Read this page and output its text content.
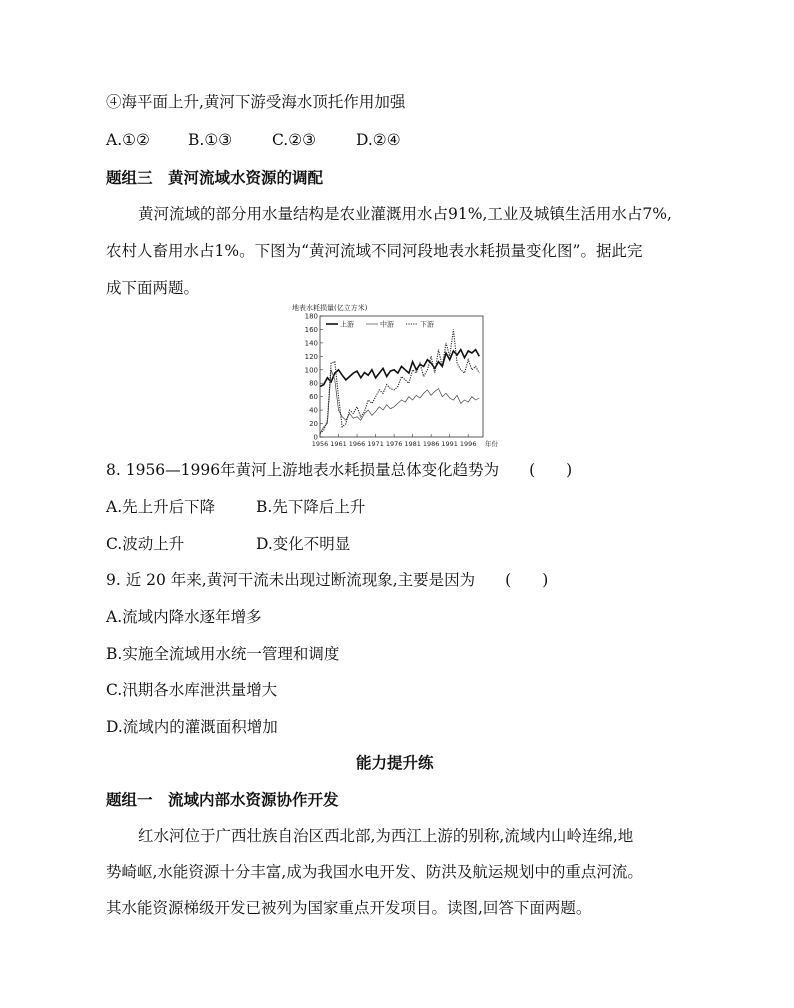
④海平面上升,黄河下游受海水顶托作用加强
A.①② B.①③	C.②③	D.②④
题组三　黄河流域水资源的调配
黄河流域的部分用水量结构是农业灌溉用水占91%,工业及城镇生活用水占7%,
农村人畜用水占1%。下图为“黄河流域不同河段地表水耗损量变化图”。据此完
成下面两题。
地表水耗损量(亿立方米)
0
20
40
60
80
100
120
140
160
180
1956 1961 1966 1971 1976 1981 1986 1991 1996 年份
上游	中游	下游
8. 1956—1996年黄河上游地表水耗损量总体变化趋势为 (　　)
A.先上升后下降	B.先下降后上升
C.波动上升	D.变化不明显
9. 近 20 年来,黄河干流未出现过断流现象,主要是因为 (　　)
A.流域内降水逐年增多
B.实施全流域用水统一管理和调度
C.汛期各水库泄洪量增大
D.流域内的灌溉面积增加
能力提升练
题组一　流域内部水资源协作开发
红水河位于广西壮族自治区西北部,为西江上游的别称,流域内山岭连绵,地
势崎岖,水能资源十分丰富,成为我国水电开发、防洪及航运规划中的重点河流。
其水能资源梯级开发已被列为国家重点开发项目。读图,回答下面两题。
